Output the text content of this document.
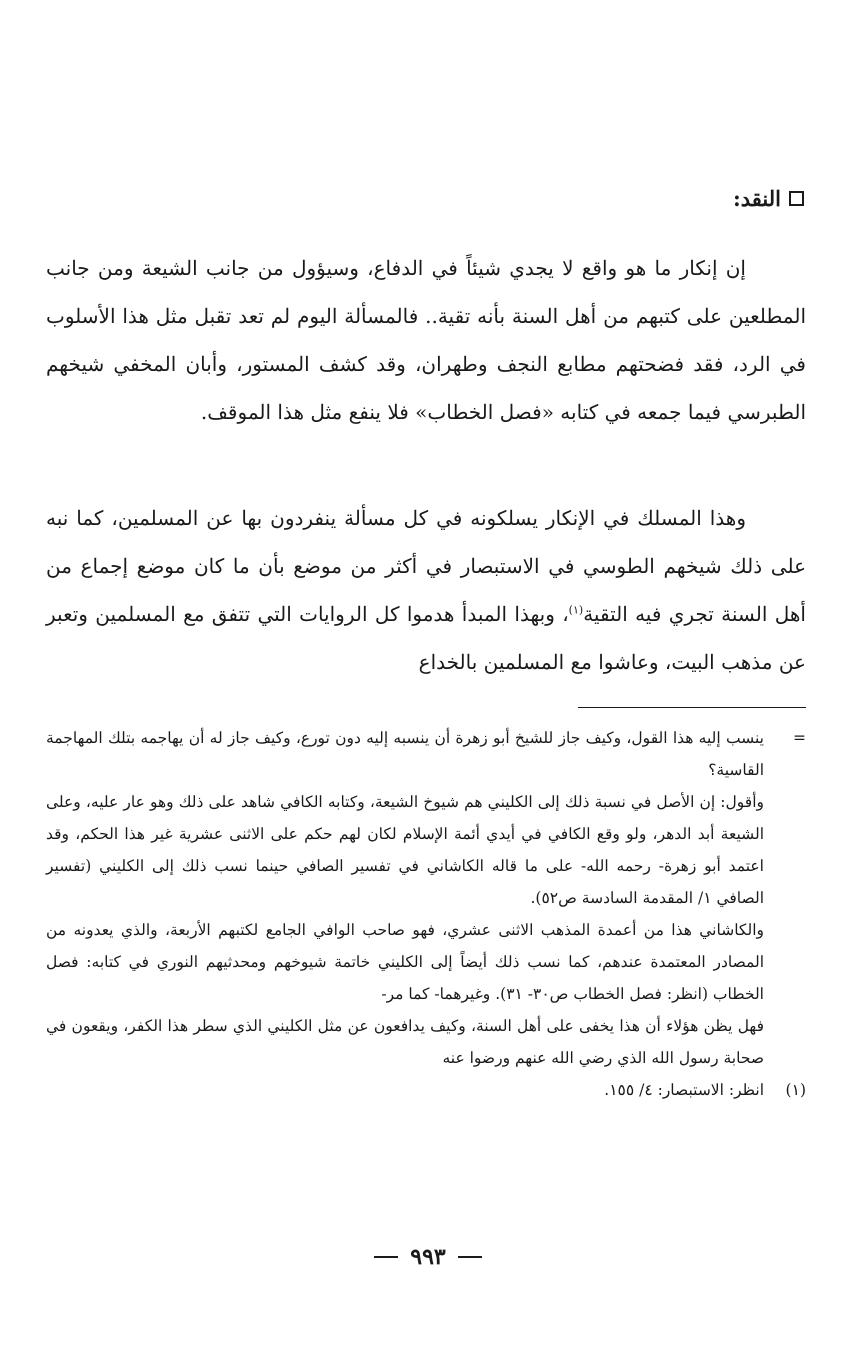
النقد:

إن إنكار ما هو واقع لا يجدي شيئاً في الدفاع، وسيؤول من جانب الشيعة ومن جانب المطلعين على كتبهم من أهل السنة بأنه تقية.. فالمسألة اليوم لم تعد تقبل مثل هذا الأسلوب في الرد، فقد فضحتهم مطابع النجف وطهران، وقد كشف المستور، وأبان المخفي شيخهم الطبرسي فيما جمعه في كتابه «فصل الخطاب» فلا ينفع مثل هذا الموقف.

وهذا المسلك في الإنكار يسلكونه في كل مسألة ينفردون بها عن المسلمين، كما نبه على ذلك شيخهم الطوسي في الاستبصار في أكثر من موضع بأن ما كان موضع إجماع من أهل السنة تجري فيه التقية$^{(١)}$، وبهذا المبدأ هدموا كل الروايات التي تتفق مع المسلمين وتعبر عن مذهب البيت، وعاشوا مع المسلمين بالخداع

=
ينسب إليه هذا القول، وكيف جاز للشيخ أبو زهرة أن ينسبه إليه دون تورع، وكيف جاز له أن يهاجمه بتلك المهاجمة القاسية؟

وأقول: إن الأصل في نسبة ذلك إلى الكليني هم شيوخ الشيعة، وكتابه الكافي شاهد على ذلك وهو عار عليه، وعلى الشيعة أبد الدهر، ولو وقع الكافي في أيدي أئمة الإسلام لكان لهم حكم على الاثنى عشرية غير هذا الحكم، وقد اعتمد أبو زهرة- رحمه الله- على ما قاله الكاشاني في تفسير الصافي حينما نسب ذلك إلى الكليني (تفسير الصافي ١/ المقدمة السادسة ص٥٢).

والكاشاني هذا من أعمدة المذهب الاثنى عشري، فهو صاحب الوافي الجامع لكتبهم الأربعة، والذي يعدونه من المصادر المعتمدة عندهم، كما نسب ذلك أيضاً إلى الكليني خاتمة شيوخهم ومحدثيهم النوري في كتابه: فصل الخطاب (انظر: فصل الخطاب ص٣٠- ٣١). وغيرهما- كما مر-

فهل يظن هؤلاء أن هذا يخفى على أهل السنة، وكيف يدافعون عن مثل الكليني الذي سطر هذا الكفر، ويقعون في صحابة رسول الله الذي رضي الله عنهم ورضوا عنه

(١)
انظر: الاستبصار: ٤/ ١٥٥.

٩٩٣
